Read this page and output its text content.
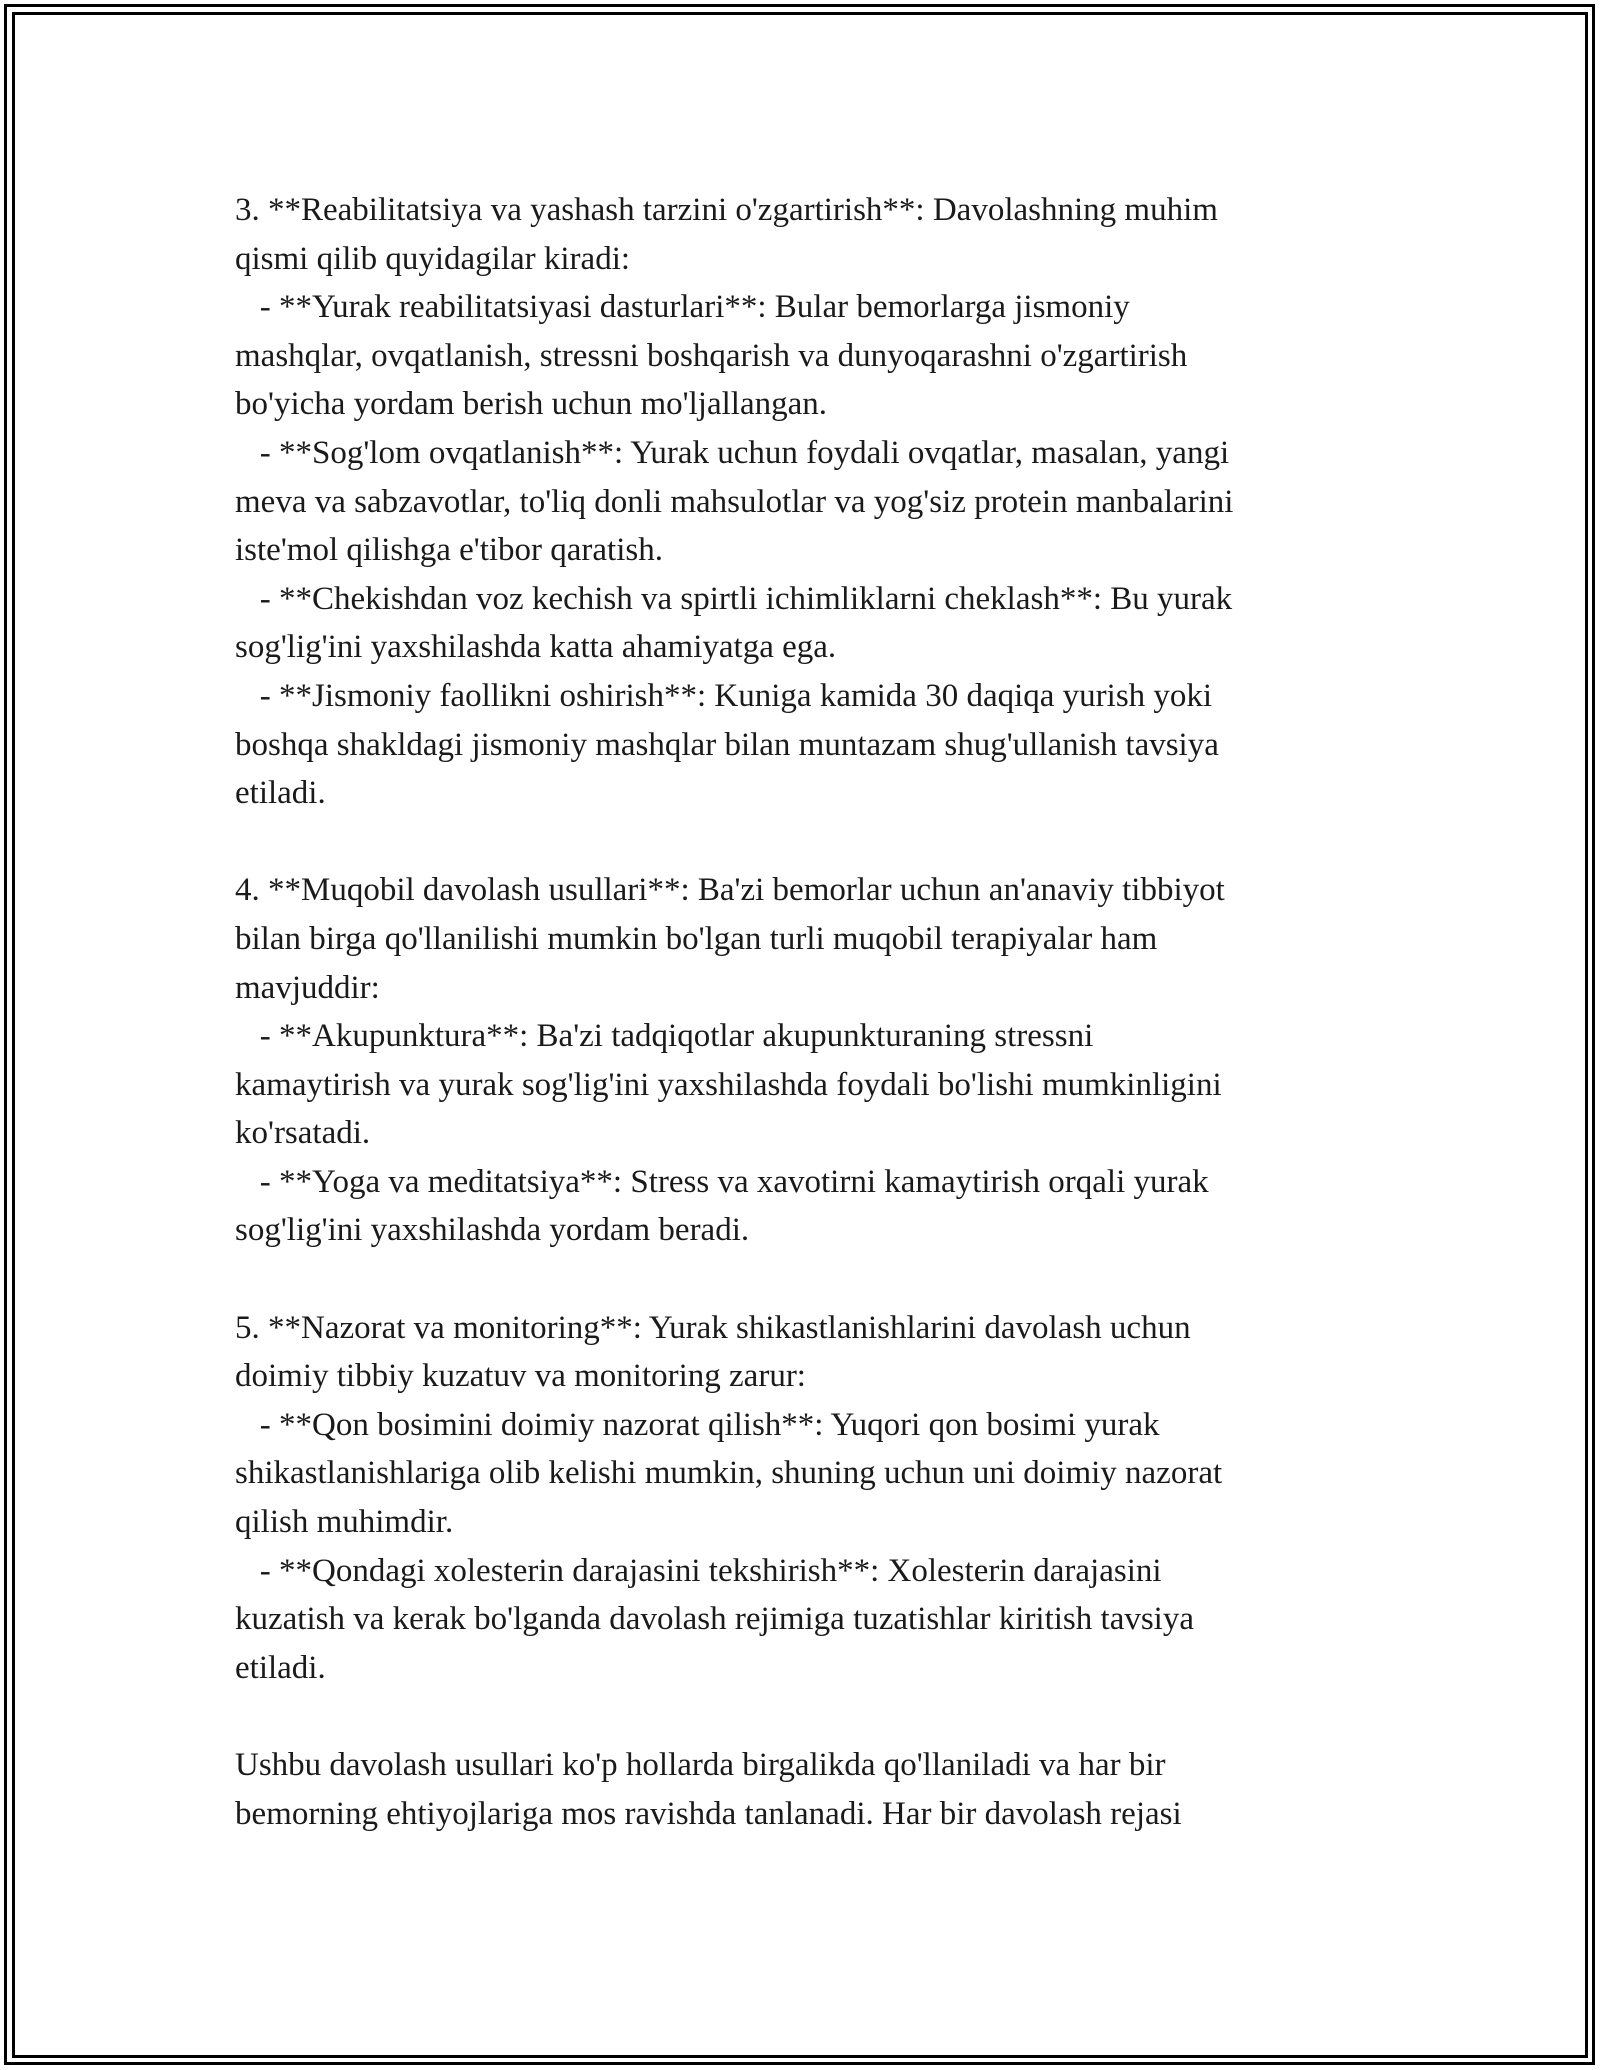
3. **Reabilitatsiya va yashash tarzini o'zgartirish**: Davolashning muhim
qismi qilib quyidagilar kiradi:
- **Yurak reabilitatsiyasi dasturlari**: Bular bemorlarga jismoniy
mashqlar, ovqatlanish, stressni boshqarish va dunyoqarashni o'zgartirish
bo'yicha yordam berish uchun mo'ljallangan.
- **Sog'lom ovqatlanish**: Yurak uchun foydali ovqatlar, masalan, yangi
meva va sabzavotlar, to'liq donli mahsulotlar va yog'siz protein manbalarini
iste'mol qilishga e'tibor qaratish.
- **Chekishdan voz kechish va spirtli ichimliklarni cheklash**: Bu yurak
sog'lig'ini yaxshilashda katta ahamiyatga ega.
- **Jismoniy faollikni oshirish**: Kuniga kamida 30 daqiqa yurish yoki
boshqa shakldagi jismoniy mashqlar bilan muntazam shug'ullanish tavsiya
etiladi.
4. **Muqobil davolash usullari**: Ba'zi bemorlar uchun an'anaviy tibbiyot
bilan birga qo'llanilishi mumkin bo'lgan turli muqobil terapiyalar ham
mavjuddir:
- **Akupunktura**: Ba'zi tadqiqotlar akupunkturaning stressni
kamaytirish va yurak sog'lig'ini yaxshilashda foydali bo'lishi mumkinligini
ko'rsatadi.
- **Yoga va meditatsiya**: Stress va xavotirni kamaytirish orqali yurak
sog'lig'ini yaxshilashda yordam beradi.
5. **Nazorat va monitoring**: Yurak shikastlanishlarini davolash uchun
doimiy tibbiy kuzatuv va monitoring zarur:
- **Qon bosimini doimiy nazorat qilish**: Yuqori qon bosimi yurak
shikastlanishlariga olib kelishi mumkin, shuning uchun uni doimiy nazorat
qilish muhimdir.
- **Qondagi xolesterin darajasini tekshirish**: Xolesterin darajasini
kuzatish va kerak bo'lganda davolash rejimiga tuzatishlar kiritish tavsiya
etiladi.
Ushbu davolash usullari ko'p hollarda birgalikda qo'llaniladi va har bir
bemorning ehtiyojlariga mos ravishda tanlanadi. Har bir davolash rejasi
